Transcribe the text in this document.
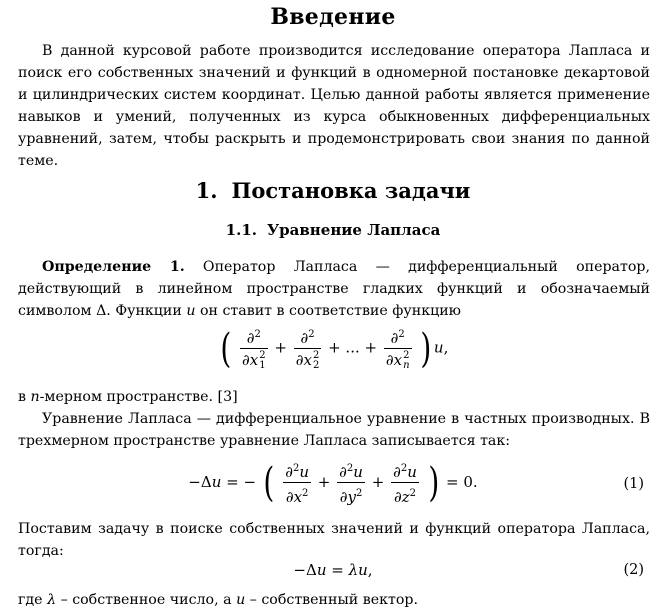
Введение

В данной курсовой работе производится исследование оператора Лапласа и поиск его собственных значений и функций в одномерной постановке декартовой и цилиндрических систем координат. Целью данной работы является применение навыков и умений, полученных из курса обыкновенных дифференциальных уравнений, затем, чтобы раскрыть и продемонстрировать свои знания по данной теме.

1. Постановка задачи
1.1. Уравнение Лапласа

Определение 1. Оператор Лапласа — дифференциальный оператор, действующий в линейном пространстве гладких функций и обозначаемый символом Δ. Функции u он ставит в соответствие функцию

( ∂$^2$
∂x 2
1 + ∂$^2$
∂x 2
2 + ... + ∂$^2$
∂x 2
n ) u,

в n-мерном пространстве. [3]

Уравнение Лапласа — дифференциальное уравнение в частных производных. В трехмерном пространстве уравнение Лапласа записывается так:

−Δu = − ( $\frac{\partial^2u}{\partial x^2} + \frac{\partial^2u}{\partial y^2} + \frac{\partial^2u}{\partial z^2}$ ) = 0.	(1)

Поставим задачу в поиске собственных значений и функций оператора Лапласа, тогда:

−Δu = λu,	(2)

где λ – собственное число, а u – собственный вектор.
